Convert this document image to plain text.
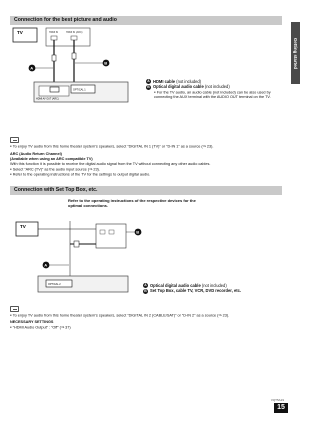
Getting started
Connection for the best picture and audio
TV	HDMI IN	HDMI IN (ARC)
A
B
HDMI AV OUT (ARC)
OPTICAL 1
A HDMI cable (not included)
B Optical digital audio cable (not included)
● For the TV audio, an audio cable (not included) can be also used by connecting the AUX terminal with the AUDIO OUT terminal on the TV.
● To enjoy TV audio from this home theater system’s speakers, select “DIGITAL IN 1 (TV)” or “D-IN 1” as a source (⇒ 23).
ARC (Audio Return Channel)
(Available when using an ARC compatible TV)
With this function it is possible to receive the digital audio signal from the TV without connecting any other audio cables.
● Select “ARC (TV)” as the audio input source (⇒ 23).
● Refer to the operating instructions of the TV for the settings to output digital audio.
Connection with Set Top Box, etc.
Refer to the operating instructions of the respective devices for the optimal connections.
TV
B
A
OPTICAL 2	A Optical digital audio cable (not included)
B Set Top Box, cable TV, VCR, DVD recorder, etc.
● To enjoy TV audio from this home theater system’s speakers, select “DIGITAL IN 2 (CABLE/SAT)” or “D-IN 2” as a source (⇒ 23).
NECESSARY SETTINGS
● “HDMI Audio Output” : “Off” (⇒ 37)
VQT5A19
15
